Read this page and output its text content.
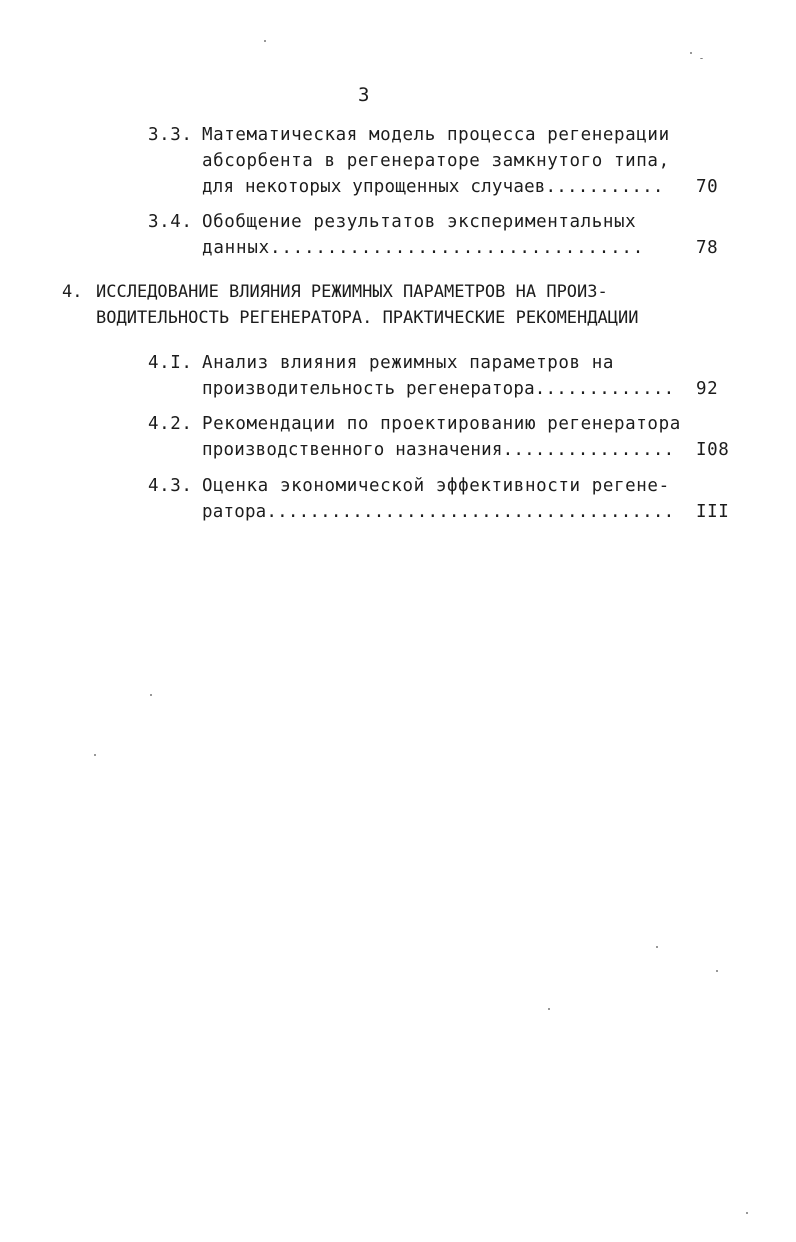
3
3.3. Математическая модель процесса регенерации
абсорбента в регенераторе замкнутого типа,
для некоторых упрощенных случаев........... 70
3.4. Обобщение результатов экспериментальных
данных.................................	78
4. ИССЛЕДОВАНИЕ ВЛИЯНИЯ РЕЖИМНЫХ ПАРАМЕТРОВ НА ПРОИЗ-
ВОДИТЕЛЬНОСТЬ РЕГЕНЕРАТОРА. ПРАКТИЧЕСКИЕ РЕКОМЕНДАЦИИ
4.I. Анализ влияния режимных параметров на
производительность регенератора............. 92
4.2. Рекомендации по проектированию регенератора
производственного назначения................ I08
4.3. Оценка экономической эффективности регене-
ратора...................................... III
